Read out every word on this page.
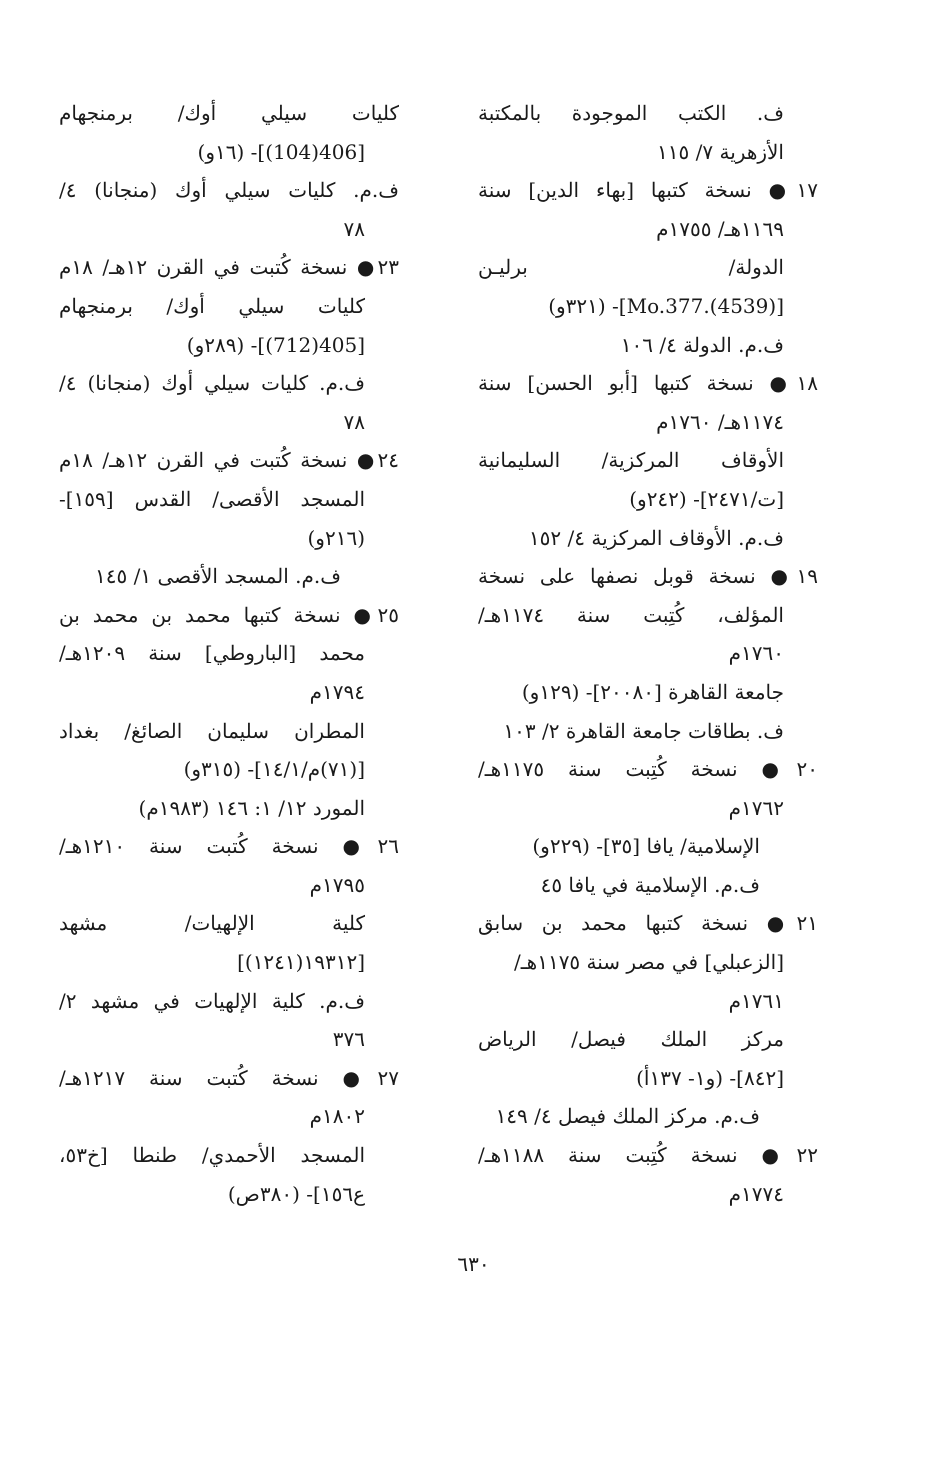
ف. الكتب الموجودة بالمكتبة
الأزهرية ٧/ ١١٥
١٧● نسخة كتبها [بهاء الدين] سنة
١١٦٩هـ/ ١٧٥٥م
الدولة/ برليـن
[Mo.377.(4539)]- (٣٢١و)
ف.م. الدولة ٤/ ١٠٦
١٨● نسخة كتبها [أبو الحسن] سنة
١١٧٤هـ/ ١٧٦٠م
الأوقاف المركزية/ السليمانية
[ت/٢٤٧١]- (٢٤٢و)
ف.م. الأوقاف المركزية ٤/ ١٥٢
١٩● نسخة قوبل نصفها على نسخة
المؤلف، كُتِبت سنة ١١٧٤هـ/
١٧٦٠م
جامعة القاهرة [٢٠٠٨٠]- (١٢٩و)
ف. بطاقات جامعة القاهرة ٢/ ١٠٣
٢٠● نسخة كُتِبت سنة ١١٧٥هـ/
١٧٦٢م
الإسلامية/ يافا [٣٥]- (٢٢٩و)
ف.م. الإسلامية في يافا ٤٥
٢١● نسخة كتبها محمد بن سابق
[الزعبلي] في مصر سنة ١١٧٥هـ/
١٧٦١م
مركز الملك فيصل/ الرياض
[٨٤٢]- (و١- ١٣٧أ)
ف.م. مركز الملك فيصل ٤/ ١٤٩
٢٢● نسخة كُتِبت سنة ١١٨٨هـ/
١٧٧٤م
كليات سيلي أوك/ برمنجهام
[406(104)]- (١٦و)
ف.م. كليات سيلي أوك (منجانا) ٤/
٧٨
٢٣● نسخة كُتبت في القرن ١٢هـ/ ١٨م
كليات سيلي أوك/ برمنجهام
[405(712)]- (٢٨٩و)
ف.م. كليات سيلي أوك (منجانا) ٤/
٧٨
٢٤● نسخة كُتبت في القرن ١٢هـ/ ١٨م
المسجد الأقصى/ القدس [١٥٩]-
(٢١٦و)
ف.م. المسجد الأقصى ١/ ١٤٥
٢٥● نسخة كتبها محمد بن محمد بن
محمد [الباروطي] سنة ١٢٠٩هـ/
١٧٩٤م
المطران سليمان الصائغ/ بغداد
[(٧١)م/١٤/١]- (٣١٥و)
المورد ١٢/ ١: ١٤٦ (١٩٨٣م)
٢٦● نسخة كُتبت سنة ١٢١٠هـ/
١٧٩٥م
كلية الإلهيات/ مشهد
[١٩٣١٢(١٢٤١)]
ف.م. كلية الإلهيات في مشهد ٢/
٣٧٦
٢٧● نسخة كُتبت سنة ١٢١٧هـ/
١٨٠٢م
المسجد الأحمدي/ طنطا [خ٥٣،
ع١٥٦]- (٣٨٠ص)
٦٣٠
